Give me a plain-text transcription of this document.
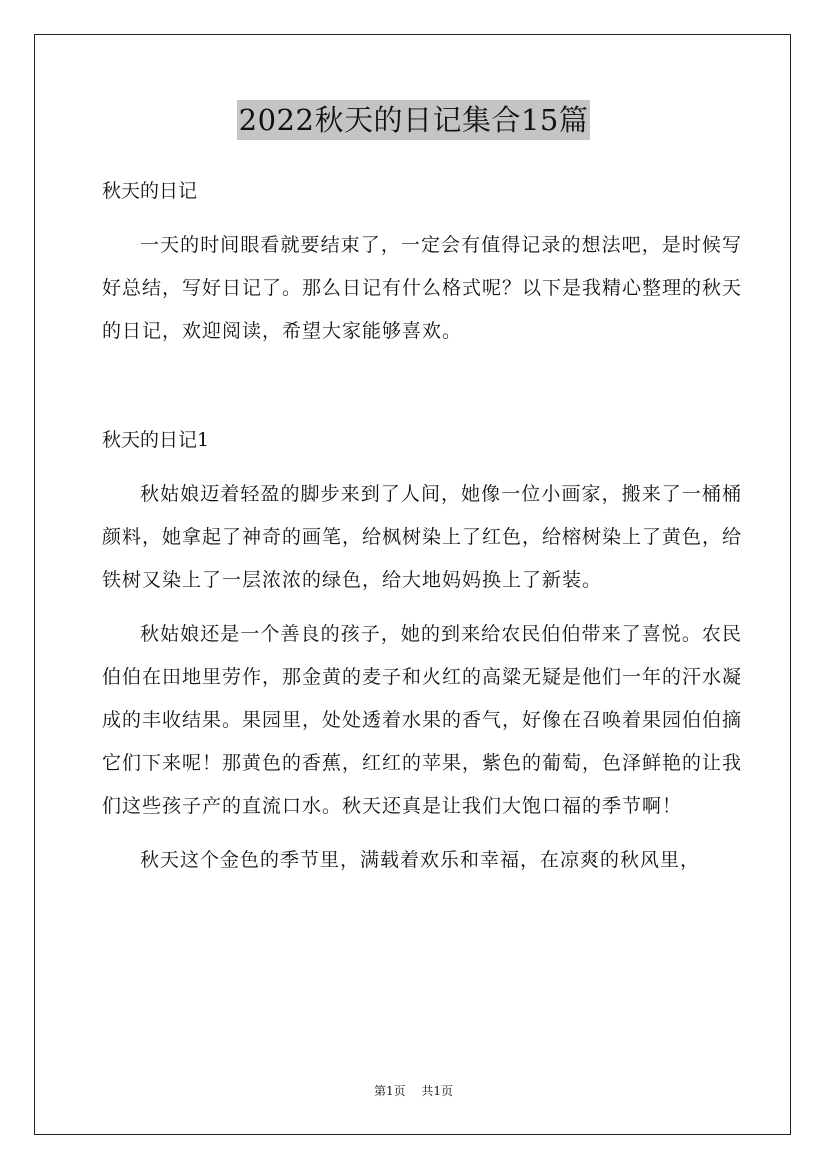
2022秋天的日记集合15篇

秋天的日记

一天的时间眼看就要结束了，一定会有值得记录的想法吧，是时候写好总结，写好日记了。那么日记有什么格式呢？以下是我精心整理的秋天的日记，欢迎阅读，希望大家能够喜欢。

秋天的日记1

秋姑娘迈着轻盈的脚步来到了人间，她像一位小画家，搬来了一桶桶颜料，她拿起了神奇的画笔，给枫树染上了红色，给榕树染上了黄色，给铁树又染上了一层浓浓的绿色，给大地妈妈换上了新装。

秋姑娘还是一个善良的孩子，她的到来给农民伯伯带来了喜悦。农民伯伯在田地里劳作，那金黄的麦子和火红的高粱无疑是他们一年的汗水凝成的丰收结果。果园里，处处透着水果的香气，好像在召唤着果园伯伯摘它们下来呢！那黄色的香蕉，红红的苹果，紫色的葡萄，色泽鲜艳的让我们这些孩子产的直流口水。秋天还真是让我们大饱口福的季节啊！

秋天这个金色的季节里，满载着欢乐和幸福，在凉爽的秋风里，

第1页 共1页
